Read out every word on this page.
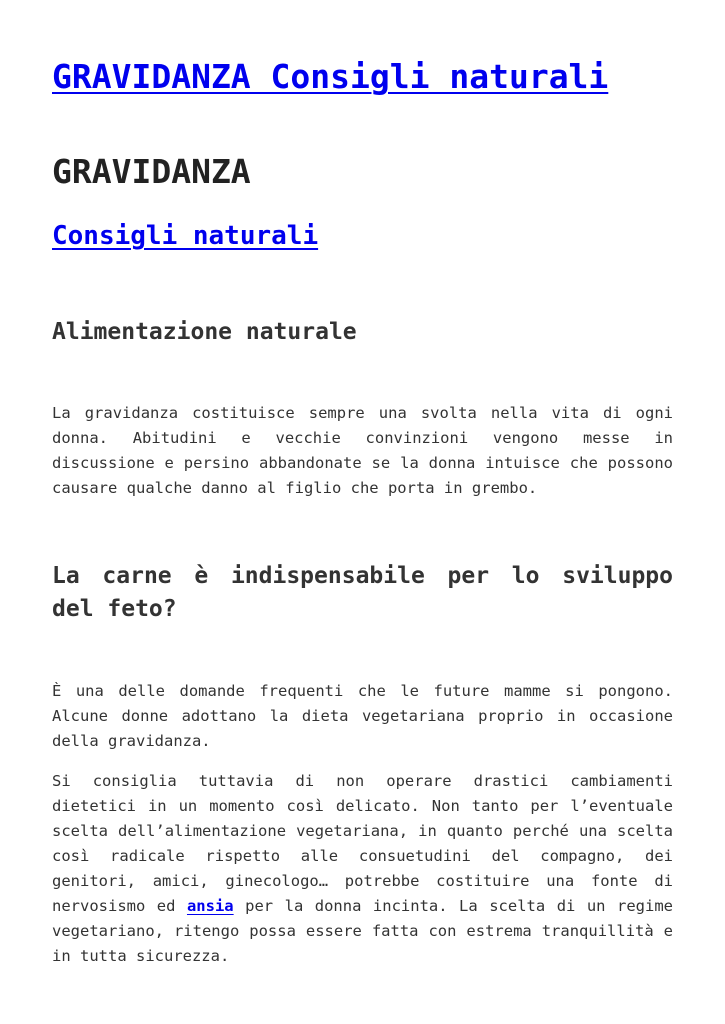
GRAVIDANZA Consigli naturali
GRAVIDANZA
Consigli naturali
Alimentazione naturale

La gravidanza costituisce sempre una svolta nella vita di ogni donna. Abitudini e vecchie convinzioni vengono messe in discussione e persino abbandonate se la donna intuisce che possono causare qualche danno al figlio che porta in grembo.

La carne è indispensabile per lo sviluppo del feto?

È una delle domande frequenti che le future mamme si pongono. Alcune donne adottano la dieta vegetariana proprio in occasione della gravidanza.

Si consiglia tuttavia di non operare drastici cambiamenti dietetici in un momento così delicato. Non tanto per l’eventuale scelta dell’alimentazione vegetariana, in quanto perché una scelta così radicale rispetto alle consuetudini del compagno, dei genitori, amici, ginecologo… potrebbe costituire una fonte di nervosismo ed ansia per la donna incinta. La scelta di un regime vegetariano, ritengo possa essere fatta con estrema tranquillità e in tutta sicurezza.
